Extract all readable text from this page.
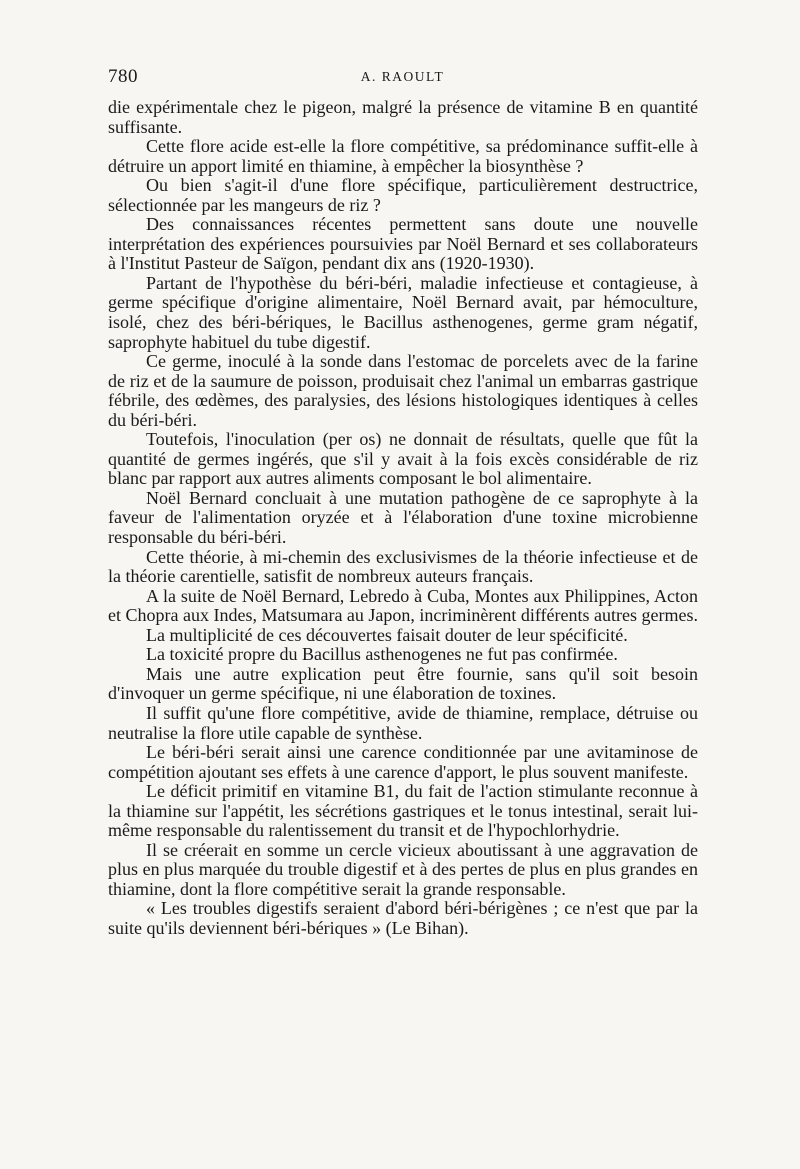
780	A. RAOULT

die expérimentale chez le pigeon, malgré la présence de vitamine B en quantité suffisante.

Cette flore acide est-elle la flore compétitive, sa prédominance suffit-elle à détruire un apport limité en thiamine, à empêcher la biosynthèse ?

Ou bien s'agit-il d'une flore spécifique, particulièrement destructrice, sélectionnée par les mangeurs de riz ?

Des connaissances récentes permettent sans doute une nouvelle interprétation des expériences poursuivies par Noël Bernard et ses collaborateurs à l'Institut Pasteur de Saïgon, pendant dix ans (1920-1930).

Partant de l'hypothèse du béri-béri, maladie infectieuse et contagieuse, à germe spécifique d'origine alimentaire, Noël Bernard avait, par hémoculture, isolé, chez des béri-bériques, le Bacillus asthenogenes, germe gram négatif, saprophyte habituel du tube digestif.

Ce germe, inoculé à la sonde dans l'estomac de porcelets avec de la farine de riz et de la saumure de poisson, produisait chez l'animal un embarras gastrique fébrile, des œdèmes, des paralysies, des lésions histologiques identiques à celles du béri-béri.

Toutefois, l'inoculation (per os) ne donnait de résultats, quelle que fût la quantité de germes ingérés, que s'il y avait à la fois excès considérable de riz blanc par rapport aux autres aliments composant le bol alimentaire.

Noël Bernard concluait à une mutation pathogène de ce saprophyte à la faveur de l'alimentation oryzée et à l'élaboration d'une toxine microbienne responsable du béri-béri.

Cette théorie, à mi-chemin des exclusivismes de la théorie infectieuse et de la théorie carentielle, satisfit de nombreux auteurs français.

A la suite de Noël Bernard, Lebredo à Cuba, Montes aux Philippines, Acton et Chopra aux Indes, Matsumara au Japon, incriminèrent différents autres germes.

La multiplicité de ces découvertes faisait douter de leur spécificité.

La toxicité propre du Bacillus asthenogenes ne fut pas confirmée.

Mais une autre explication peut être fournie, sans qu'il soit besoin d'invoquer un germe spécifique, ni une élaboration de toxines.

Il suffit qu'une flore compétitive, avide de thiamine, remplace, détruise ou neutralise la flore utile capable de synthèse.

Le béri-béri serait ainsi une carence conditionnée par une avitaminose de compétition ajoutant ses effets à une carence d'apport, le plus souvent manifeste.

Le déficit primitif en vitamine B1, du fait de l'action stimulante reconnue à la thiamine sur l'appétit, les sécrétions gastriques et le tonus intestinal, serait lui-même responsable du ralentissement du transit et de l'hypochlorhydrie.

Il se créerait en somme un cercle vicieux aboutissant à une aggravation de plus en plus marquée du trouble digestif et à des pertes de plus en plus grandes en thiamine, dont la flore compétitive serait la grande responsable.

« Les troubles digestifs seraient d'abord béri-bérigènes ; ce n'est que par la suite qu'ils deviennent béri-bériques » (Le Bihan).
